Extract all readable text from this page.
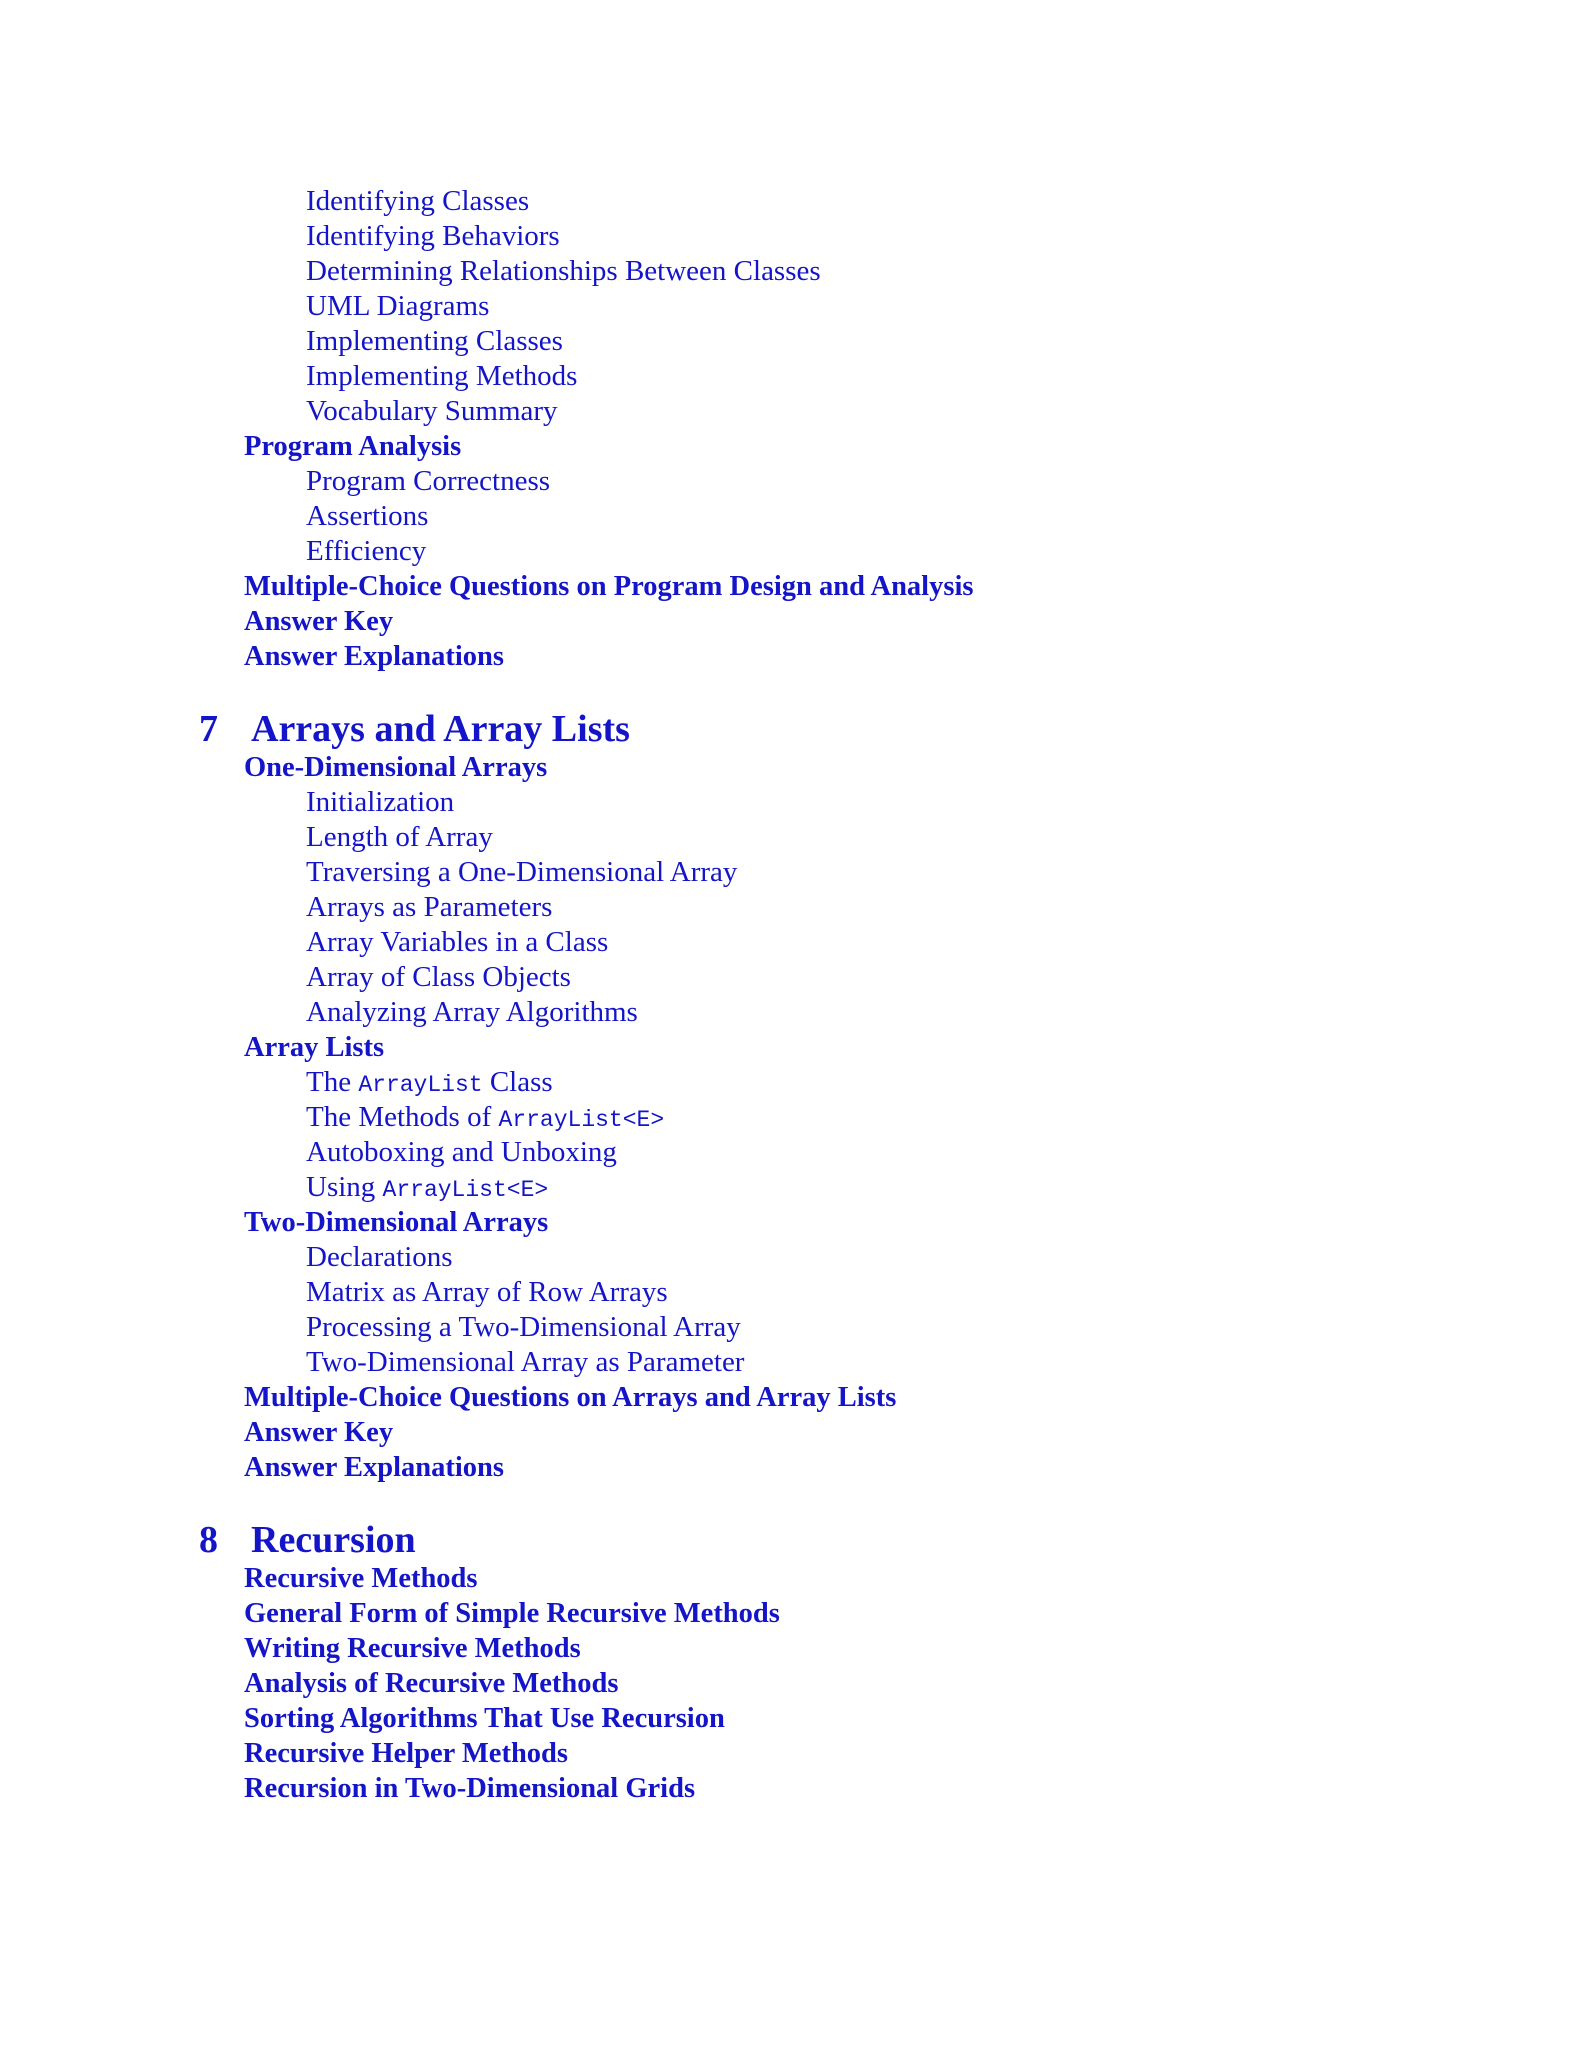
Identifying Classes
Identifying Behaviors
Determining Relationships Between Classes
UML Diagrams
Implementing Classes
Implementing Methods
Vocabulary Summary
Program Analysis
Program Correctness
Assertions
Efficiency
Multiple-Choice Questions on Program Design and Analysis
Answer Key
Answer Explanations
7 Arrays and Array Lists
One-Dimensional Arrays
Initialization
Length of Array
Traversing a One-Dimensional Array
Arrays as Parameters
Array Variables in a Class
Array of Class Objects
Analyzing Array Algorithms
Array Lists
The ArrayList Class
The Methods of ArrayList<E>
Autoboxing and Unboxing
Using ArrayList<E>
Two-Dimensional Arrays
Declarations
Matrix as Array of Row Arrays
Processing a Two-Dimensional Array
Two-Dimensional Array as Parameter
Multiple-Choice Questions on Arrays and Array Lists
Answer Key
Answer Explanations
8 Recursion
Recursive Methods
General Form of Simple Recursive Methods
Writing Recursive Methods
Analysis of Recursive Methods
Sorting Algorithms That Use Recursion
Recursive Helper Methods
Recursion in Two-Dimensional Grids
